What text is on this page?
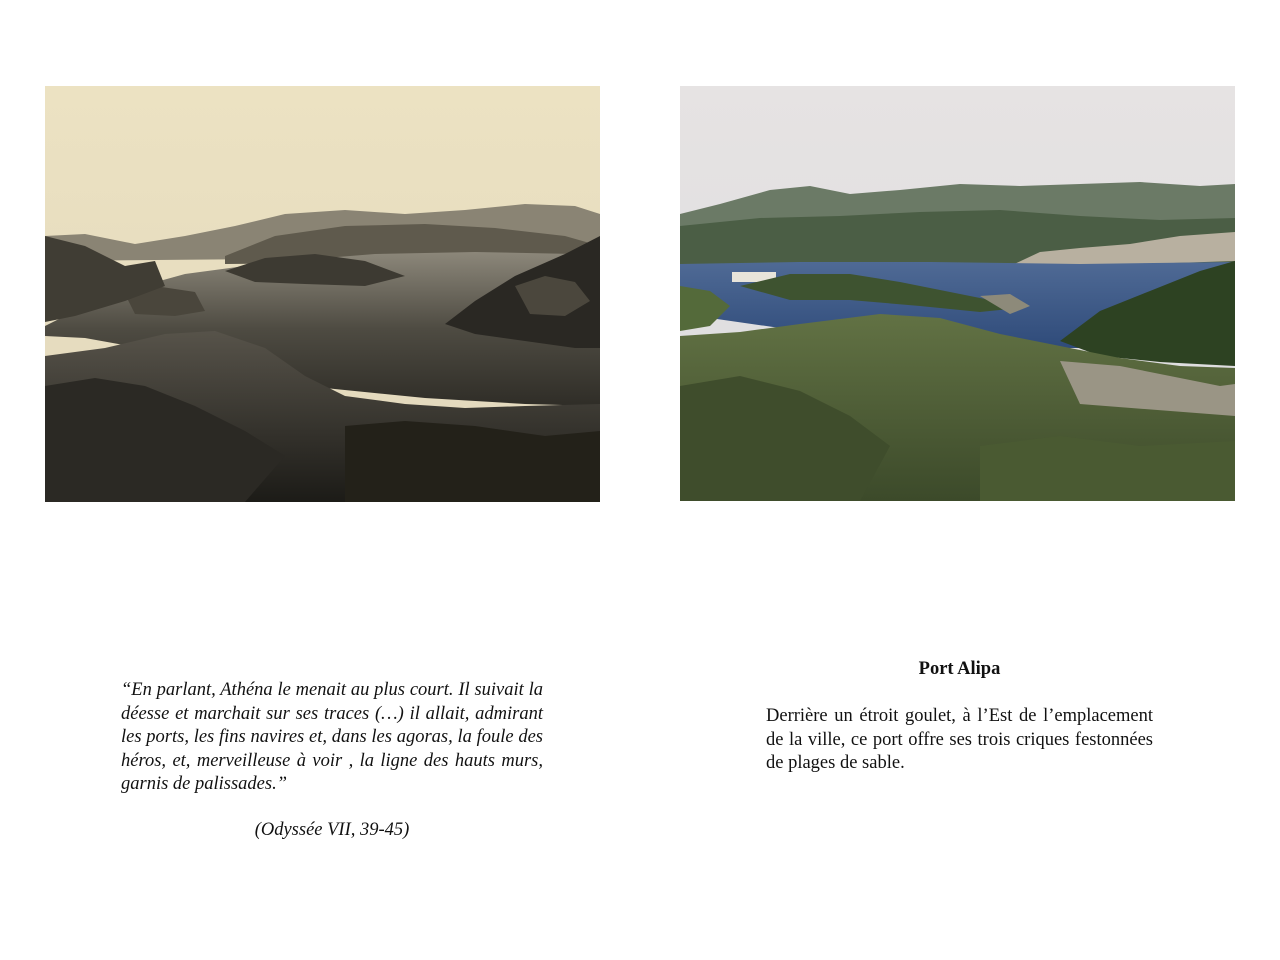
“En parlant, Athéna le menait au plus court. Il suivait la déesse et marchait sur ses traces (…) il allait, admirant les ports, les fins navires et, dans les agoras, la foule des héros, et, merveilleuse à voir , la ligne des hauts murs, garnis de palissades.”
(Odyssée VII, 39-45)
Port Alipa
Derrière un étroit goulet, à l’Est de l’emplacement de la ville, ce port offre ses trois criques festonnées de plages de sable.
